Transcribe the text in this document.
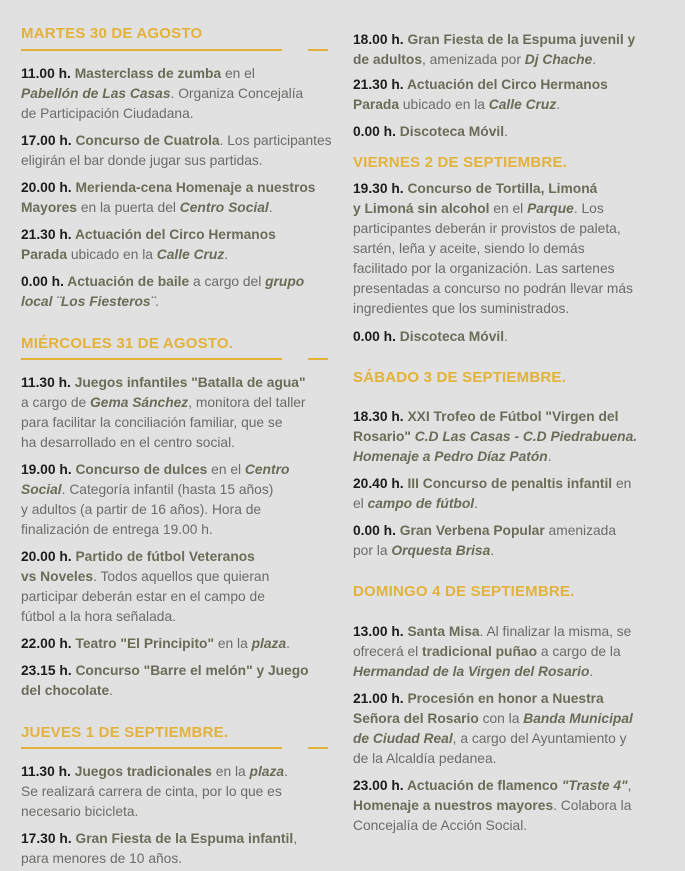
MARTES 30 DE AGOSTO
11.00 h. Masterclass de zumba en el
Pabellón de Las Casas. Organiza Concejalía
de Participación Ciudadana.
17.00 h. Concurso de Cuatrola. Los participantes
eligirán el bar donde jugar sus partidas.
20.00 h. Merienda-cena Homenaje a nuestros
Mayores en la puerta del Centro Social.
21.30 h. Actuación del Circo Hermanos
Parada ubicado en la Calle Cruz.
0.00 h. Actuación de baile a cargo del grupo
local ¨Los Fiesteros¨.
MIÉRCOLES 31 DE AGOSTO.
11.30 h. Juegos infantiles "Batalla de agua"
a cargo de Gema Sánchez, monitora del taller
para facilitar la conciliación familiar, que se
ha desarrollado en el centro social.
19.00 h. Concurso de dulces en el Centro
Social. Categoría infantil (hasta 15 años)
y adultos (a partir de 16 años). Hora de
finalización de entrega 19.00 h.
20.00 h. Partido de fútbol Veteranos
vs Noveles. Todos aquellos que quieran
participar deberán estar en el campo de
fútbol a la hora señalada.
22.00 h. Teatro "El Principito" en la plaza.
23.15 h. Concurso "Barre el melón" y Juego
del chocolate.
JUEVES 1 DE SEPTIEMBRE.
11.30 h. Juegos tradicionales en la plaza.
Se realizará carrera de cinta, por lo que es
necesario bicicleta.
17.30 h. Gran Fiesta de la Espuma infantil,
para menores de 10 años.
18.00 h. Gran Fiesta de la Espuma juvenil y
de adultos, amenizada por Dj Chache.
21.30 h. Actuación del Circo Hermanos
Parada ubicado en la Calle Cruz.
0.00 h. Discoteca Móvil.
VIERNES 2 DE SEPTIEMBRE.
19.30 h. Concurso de Tortilla, Limoná
y Limoná sin alcohol en el Parque. Los
participantes deberán ir provistos de paleta,
sartén, leña y aceite, siendo lo demás
facilitado por la organización. Las sartenes
presentadas a concurso no podrán llevar más
ingredientes que los suministrados.
0.00 h. Discoteca Móvil.
SÁBADO 3 DE SEPTIEMBRE.
18.30 h. XXI Trofeo de Fútbol "Virgen del
Rosario" C.D Las Casas - C.D Piedrabuena.
Homenaje a Pedro Díaz Patón.
20.40 h. III Concurso de penaltis infantil en
el campo de fútbol.
0.00 h. Gran Verbena Popular amenizada
por la Orquesta Brisa.
DOMINGO 4 DE SEPTIEMBRE.
13.00 h. Santa Misa. Al finalizar la misma, se
ofrecerá el tradicional puñao a cargo de la
Hermandad de la Virgen del Rosario.
21.00 h. Procesión en honor a Nuestra
Señora del Rosario con la Banda Municipal
de Ciudad Real, a cargo del Ayuntamiento y
de la Alcaldía pedanea.
23.00 h. Actuación de flamenco "Traste 4",
Homenaje a nuestros mayores. Colabora la
Concejalía de Acción Social.
